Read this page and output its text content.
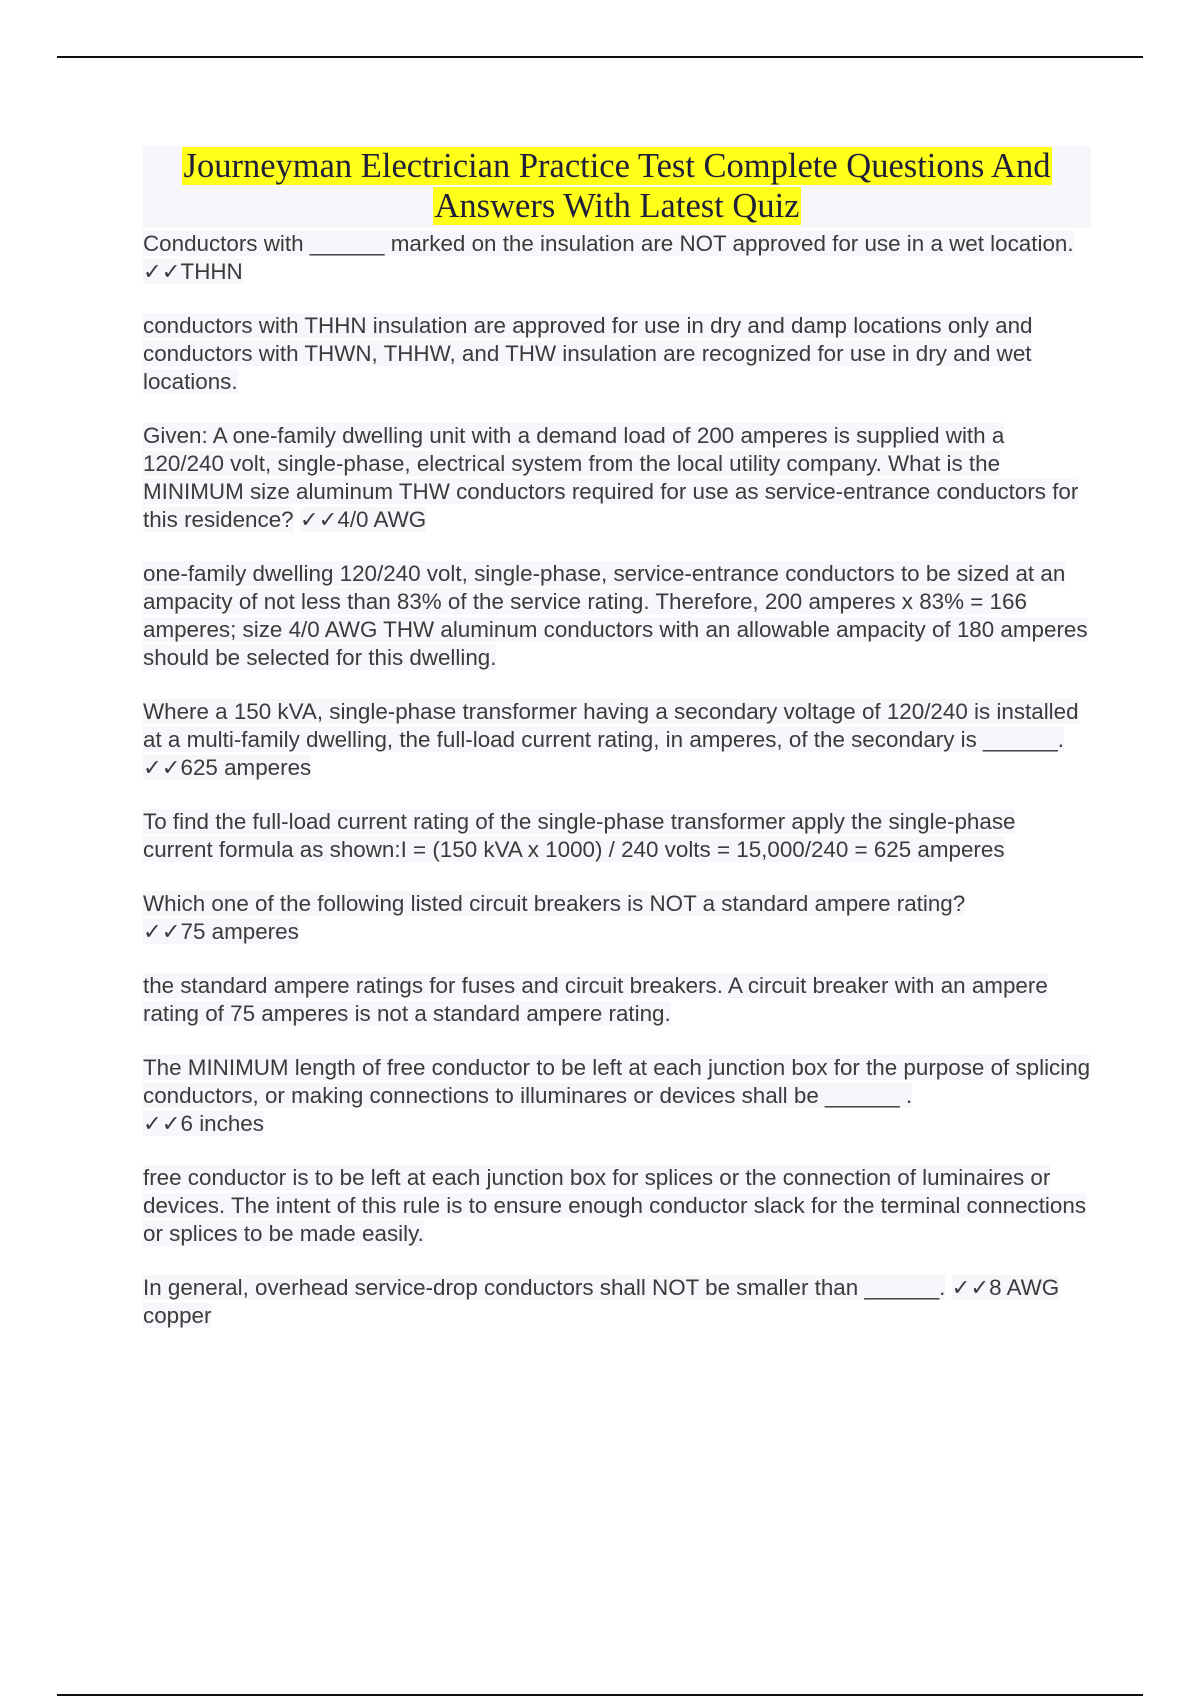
Journeyman Electrician Practice Test Complete Questions And Answers With Latest Quiz

Conductors with ______ marked on the insulation are NOT approved for use in a wet location. ✓✓THHN

conductors with THHN insulation are approved for use in dry and damp locations only and conductors with THWN, THHW, and THW insulation are recognized for use in dry and wet locations.

Given: A one-family dwelling unit with a demand load of 200 amperes is supplied with a 120/240 volt, single-phase, electrical system from the local utility company. What is the MINIMUM size aluminum THW conductors required for use as service-entrance conductors for this residence? ✓✓4/0 AWG

one-family dwelling 120/240 volt, single-phase, service-entrance conductors to be sized at an ampacity of not less than 83% of the service rating. Therefore, 200 amperes x 83% = 166 amperes; size 4/0 AWG THW aluminum conductors with an allowable ampacity of 180 amperes should be selected for this dwelling.

Where a 150 kVA, single-phase transformer having a secondary voltage of 120/240 is installed at a multi-family dwelling, the full-load current rating, in amperes, of the secondary is ______. ✓✓625 amperes

To find the full-load current rating of the single-phase transformer apply the single-phase current formula as shown:I = (150 kVA x 1000) / 240 volts = 15,000/240 = 625 amperes

Which one of the following listed circuit breakers is NOT a standard ampere rating?
✓✓75 amperes

the standard ampere ratings for fuses and circuit breakers. A circuit breaker with an ampere rating of 75 amperes is not a standard ampere rating.

The MINIMUM length of free conductor to be left at each junction box for the purpose of splicing conductors, or making connections to illuminares or devices shall be ______ .
✓✓6 inches

free conductor is to be left at each junction box for splices or the connection of luminaires or devices. The intent of this rule is to ensure enough conductor slack for the terminal connections or splices to be made easily.

In general, overhead service-drop conductors shall NOT be smaller than ______. ✓✓8 AWG copper
